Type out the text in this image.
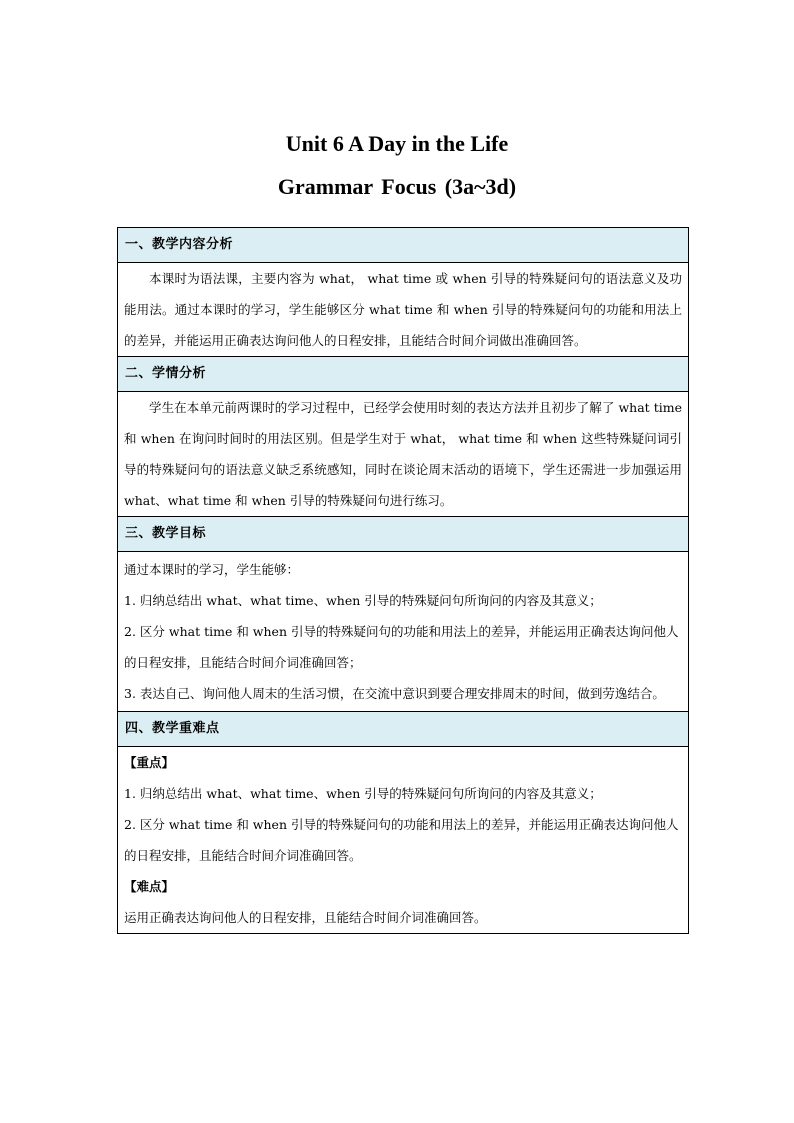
Unit 6 A Day in the Life
Grammar Focus (3a~3d)
一、教学内容分析

本课时为语法课，主要内容为 what， what time 或 when 引导的特殊疑问句的语法意义及功能用法。通过本课时的学习，学生能够区分 what time 和 when 引导的特殊疑问句的功能和用法上的差异，并能运用正确表达询问他人的日程安排，且能结合时间介词做出准确回答。

二、学情分析

学生在本单元前两课时的学习过程中，已经学会使用时刻的表达方法并且初步了解了 what time 和 when 在询问时间时的用法区别。但是学生对于 what， what time 和 when 这些特殊疑问词引导的特殊疑问句的语法意义缺乏系统感知，同时在谈论周末活动的语境下，学生还需进一步加强运用 what、what time 和 when 引导的特殊疑问句进行练习。

三、教学目标

通过本课时的学习，学生能够：

1. 归纳总结出 what、what time、when 引导的特殊疑问句所询问的内容及其意义；

2. 区分 what time 和 when 引导的特殊疑问句的功能和用法上的差异，并能运用正确表达询问他人的日程安排，且能结合时间介词准确回答；

3. 表达自己、询问他人周末的生活习惯，在交流中意识到要合理安排周末的时间，做到劳逸结合。

四、教学重难点

【重点】

1. 归纳总结出 what、what time、when 引导的特殊疑问句所询问的内容及其意义；

2. 区分 what time 和 when 引导的特殊疑问句的功能和用法上的差异，并能运用正确表达询问他人的日程安排，且能结合时间介词准确回答。

【难点】

运用正确表达询问他人的日程安排，且能结合时间介词准确回答。
